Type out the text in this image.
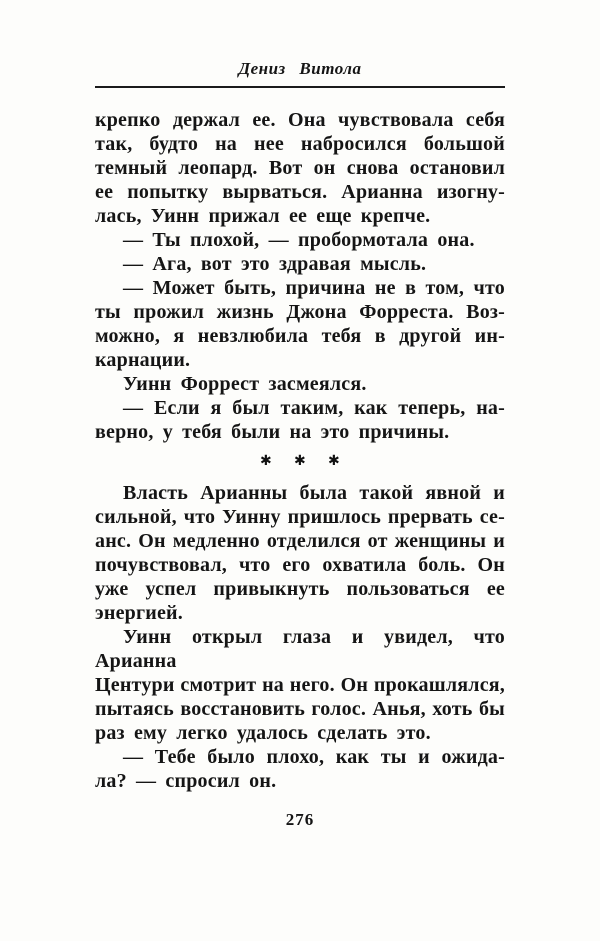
Дениз Витола
крепко держал ее. Она чувствовала себя
так, будто на нее набросился большой
темный леопард. Вот он снова остановил
ее попытку вырваться. Арианна изогну-
лась, Уинн прижал ее еще крепче.
— Ты плохой, — пробормотала она.
— Ага, вот это здравая мысль.
— Может быть, причина не в том, что
ты прожил жизнь Джона Форреста. Воз-
можно, я невзлюбила тебя в другой ин-
карнации.
Уинн Форрест засмеялся.
— Если я был таким, как теперь, на-
верно, у тебя были на это причины.
✱ ✱ ✱
Власть Арианны была такой явной и
сильной, что Уинну пришлось прервать се-
анс. Он медленно отделился от женщины и
почувствовал, что его охватила боль. Он
уже успел привыкнуть пользоваться ее
энергией.
Уинн открыл глаза и увидел, что Арианна
Центури смотрит на него. Он прокашлялся,
пытаясь восстановить голос. Анья, хоть бы
раз ему легко удалось сделать это.
— Тебе было плохо, как ты и ожида-
ла? — спросил он.
276
